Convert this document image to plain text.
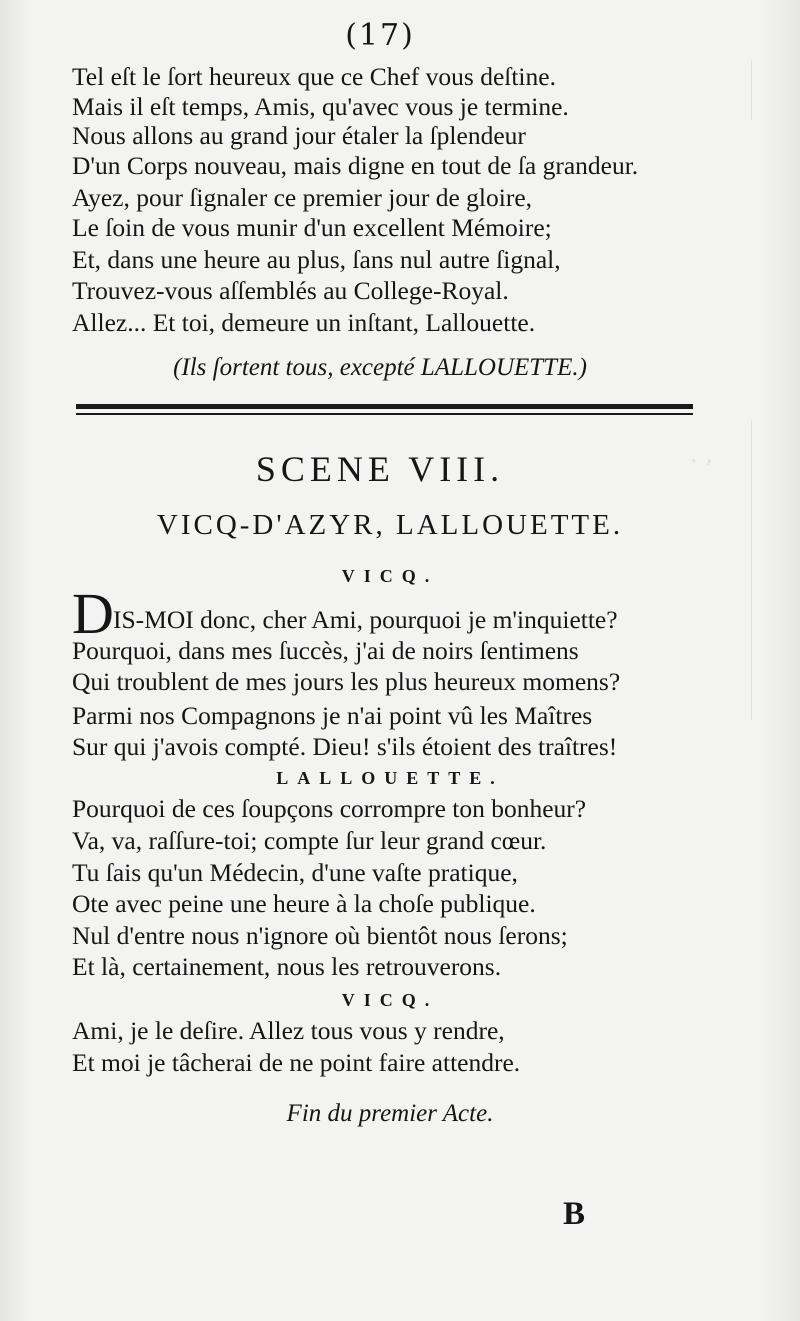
. ‚
(17)
Tel eſt le ſort heureux que ce Chef vous deſtine.
Mais il eſt temps, Amis, qu'avec vous je termine.
Nous allons au grand jour étaler la ſplendeur
D'un Corps nouveau, mais digne en tout de ſa grandeur.
Ayez, pour ſignaler ce premier jour de gloire,
Le ſoin de vous munir d'un excellent Mémoire;
Et, dans une heure au plus, ſans nul autre ſignal,
Trouvez-vous aſſemblés au College-Royal.
Allez... Et toi, demeure un inſtant, Lallouette.
(Ils ſortent tous, excepté LALLOUETTE.)
SCENE VIII.
VICQ-D'AZYR, LALLOUETTE.
VICQ.
D IS-MOI donc, cher Ami, pourquoi je m'inquiette?
Pourquoi, dans mes ſuccès, j'ai de noirs ſentimens
Qui troublent de mes jours les plus heureux momens?
Parmi nos Compagnons je n'ai point vû les Maîtres
Sur qui j'avois compté. Dieu! s'ils étoient des traîtres!
LALLOUETTE.
Pourquoi de ces ſoupçons corrompre ton bonheur?
Va, va, raſſure-toi; compte ſur leur grand cœur.
Tu ſais qu'un Médecin, d'une vaſte pratique,
Ote avec peine une heure à la choſe publique.
Nul d'entre nous n'ignore où bientôt nous ſerons;
Et là, certainement, nous les retrouverons.
VICQ.
Ami, je le deſire. Allez tous vous y rendre,
Et moi je tâcherai de ne point faire attendre.
Fin du premier Acte.
B
